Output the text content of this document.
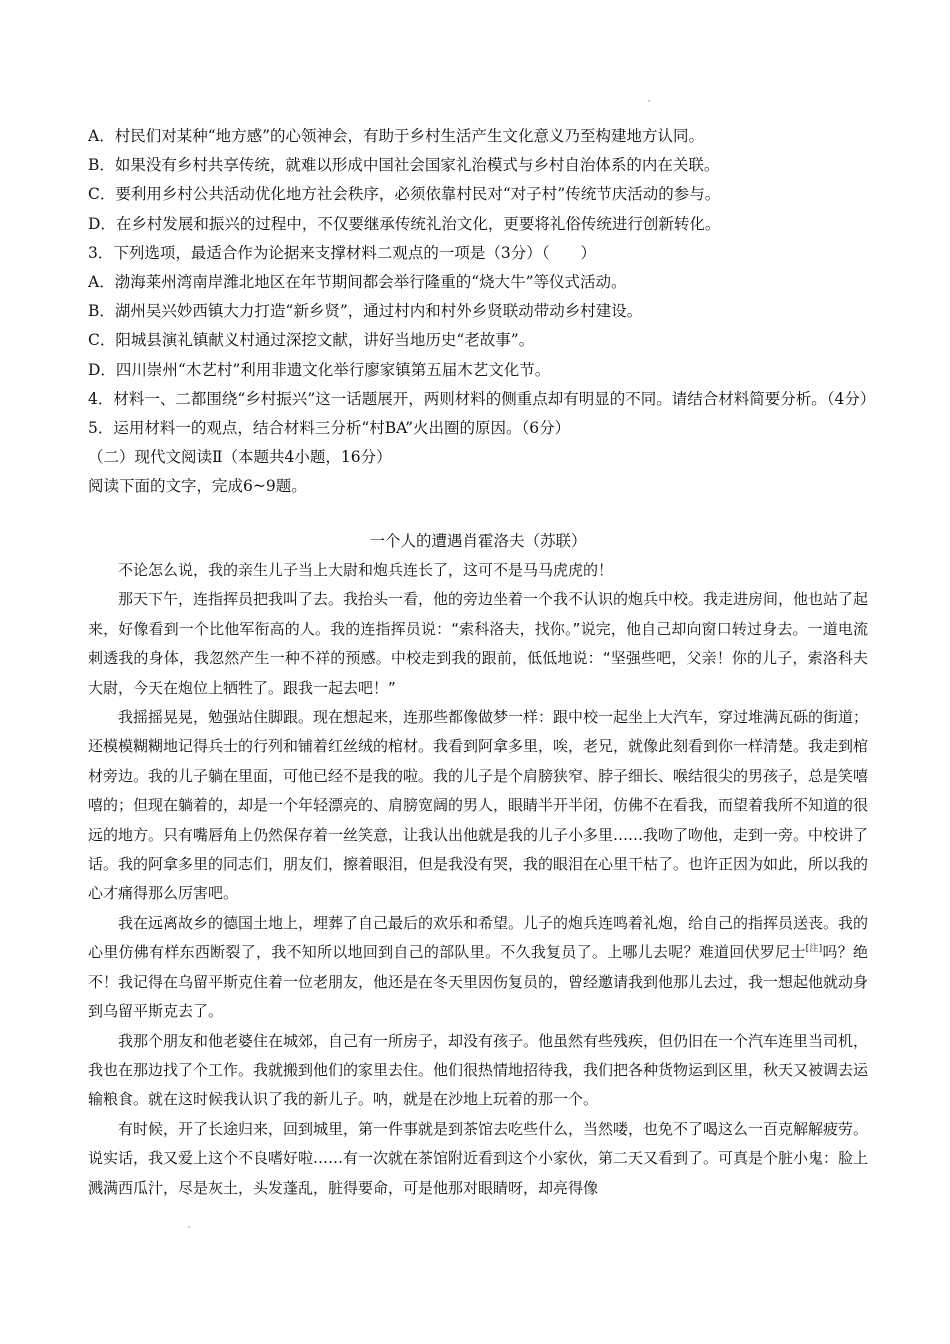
A．村民们对某种“地方感”的心领神会，有助于乡村生活产生文化意义乃至构建地方认同。
B．如果没有乡村共享传统，就难以形成中国社会国家礼治模式与乡村自治体系的内在关联。
C．要利用乡村公共活动优化地方社会秩序，必须依靠村民对“对子村”传统节庆活动的参与。
D．在乡村发展和振兴的过程中，不仅要继承传统礼治文化，更要将礼俗传统进行创新转化。
3．下列选项，最适合作为论据来支撑材料二观点的一项是（3分）（　　）
A．渤海莱州湾南岸潍北地区在年节期间都会举行隆重的“烧大牛”等仪式活动。
B．湖州吴兴妙西镇大力打造“新乡贤”，通过村内和村外乡贤联动带动乡村建设。
C．阳城县演礼镇献义村通过深挖文献，讲好当地历史“老故事”。
D．四川崇州“木艺村”利用非遗文化举行廖家镇第五届木艺文化节。
4．材料一、二都围绕“乡村振兴”这一话题展开，两则材料的侧重点却有明显的不同。请结合材料简要分析。（4分）
5．运用材料一的观点，结合材料三分析“村BA”火出圈的原因。（6分）
（二）现代文阅读Ⅱ（本题共4小题，16分）
阅读下面的文字，完成6~9题。
一个人的遭遇肖霍洛夫（苏联）

不论怎么说，我的亲生儿子当上大尉和炮兵连长了，这可不是马马虎虎的！

那天下午，连指挥员把我叫了去。我抬头一看，他的旁边坐着一个我不认识的炮兵中校。我走进房间，他也站了起来，好像看到一个比他军衔高的人。我的连指挥员说：“索科洛夫，找你。”说完，他自己却向窗口转过身去。一道电流刺透我的身体，我忽然产生一种不祥的预感。中校走到我的跟前，低低地说：“坚强些吧，父亲！你的儿子，索洛科夫大尉，今天在炮位上牺牲了。跟我一起去吧！”

我摇摇晃晃，勉强站住脚跟。现在想起来，连那些都像做梦一样：跟中校一起坐上大汽车，穿过堆满瓦砾的街道；还模模糊糊地记得兵士的行列和铺着红丝绒的棺材。我看到阿拿多里，唉，老兄，就像此刻看到你一样清楚。我走到棺材旁边。我的儿子躺在里面，可他已经不是我的啦。我的儿子是个肩膀狭窄、脖子细长、喉结很尖的男孩子，总是笑嘻嘻的；但现在躺着的，却是一个年轻漂亮的、肩膀宽阔的男人，眼睛半开半闭，仿佛不在看我，而望着我所不知道的很远的地方。只有嘴唇角上仍然保存着一丝笑意，让我认出他就是我的儿子小多里……我吻了吻他，走到一旁。中校讲了话。我的阿拿多里的同志们，朋友们，擦着眼泪，但是我没有哭，我的眼泪在心里干枯了。也许正因为如此，所以我的心才痛得那么厉害吧。

我在远离故乡的德国土地上，埋葬了自己最后的欢乐和希望。儿子的炮兵连鸣着礼炮，给自己的指挥员送丧。我的心里仿佛有样东西断裂了，我不知所以地回到自己的部队里。不久我复员了。上哪儿去呢？难道回伏罗尼士[注]吗？绝不！我记得在乌留平斯克住着一位老朋友，他还是在冬天里因伤复员的，曾经邀请我到他那儿去过，我一想起他就动身到乌留平斯克去了。

我那个朋友和他老婆住在城郊，自己有一所房子，却没有孩子。他虽然有些残疾，但仍旧在一个汽车连里当司机，我也在那边找了个工作。我就搬到他们的家里去住。他们很热情地招待我，我们把各种货物运到区里，秋天又被调去运输粮食。就在这时候我认识了我的新儿子。呐，就是在沙地上玩着的那一个。

有时候，开了长途归来，回到城里，第一件事就是到茶馆去吃些什么，当然喽，也免不了喝这么一百克解解疲劳。说实话，我又爱上这个不良嗜好啦……有一次就在茶馆附近看到这个小家伙，第二天又看到了。可真是个脏小鬼：脸上溅满西瓜汁，尽是灰土，头发蓬乱，脏得要命，可是他那对眼睛呀，却亮得像
